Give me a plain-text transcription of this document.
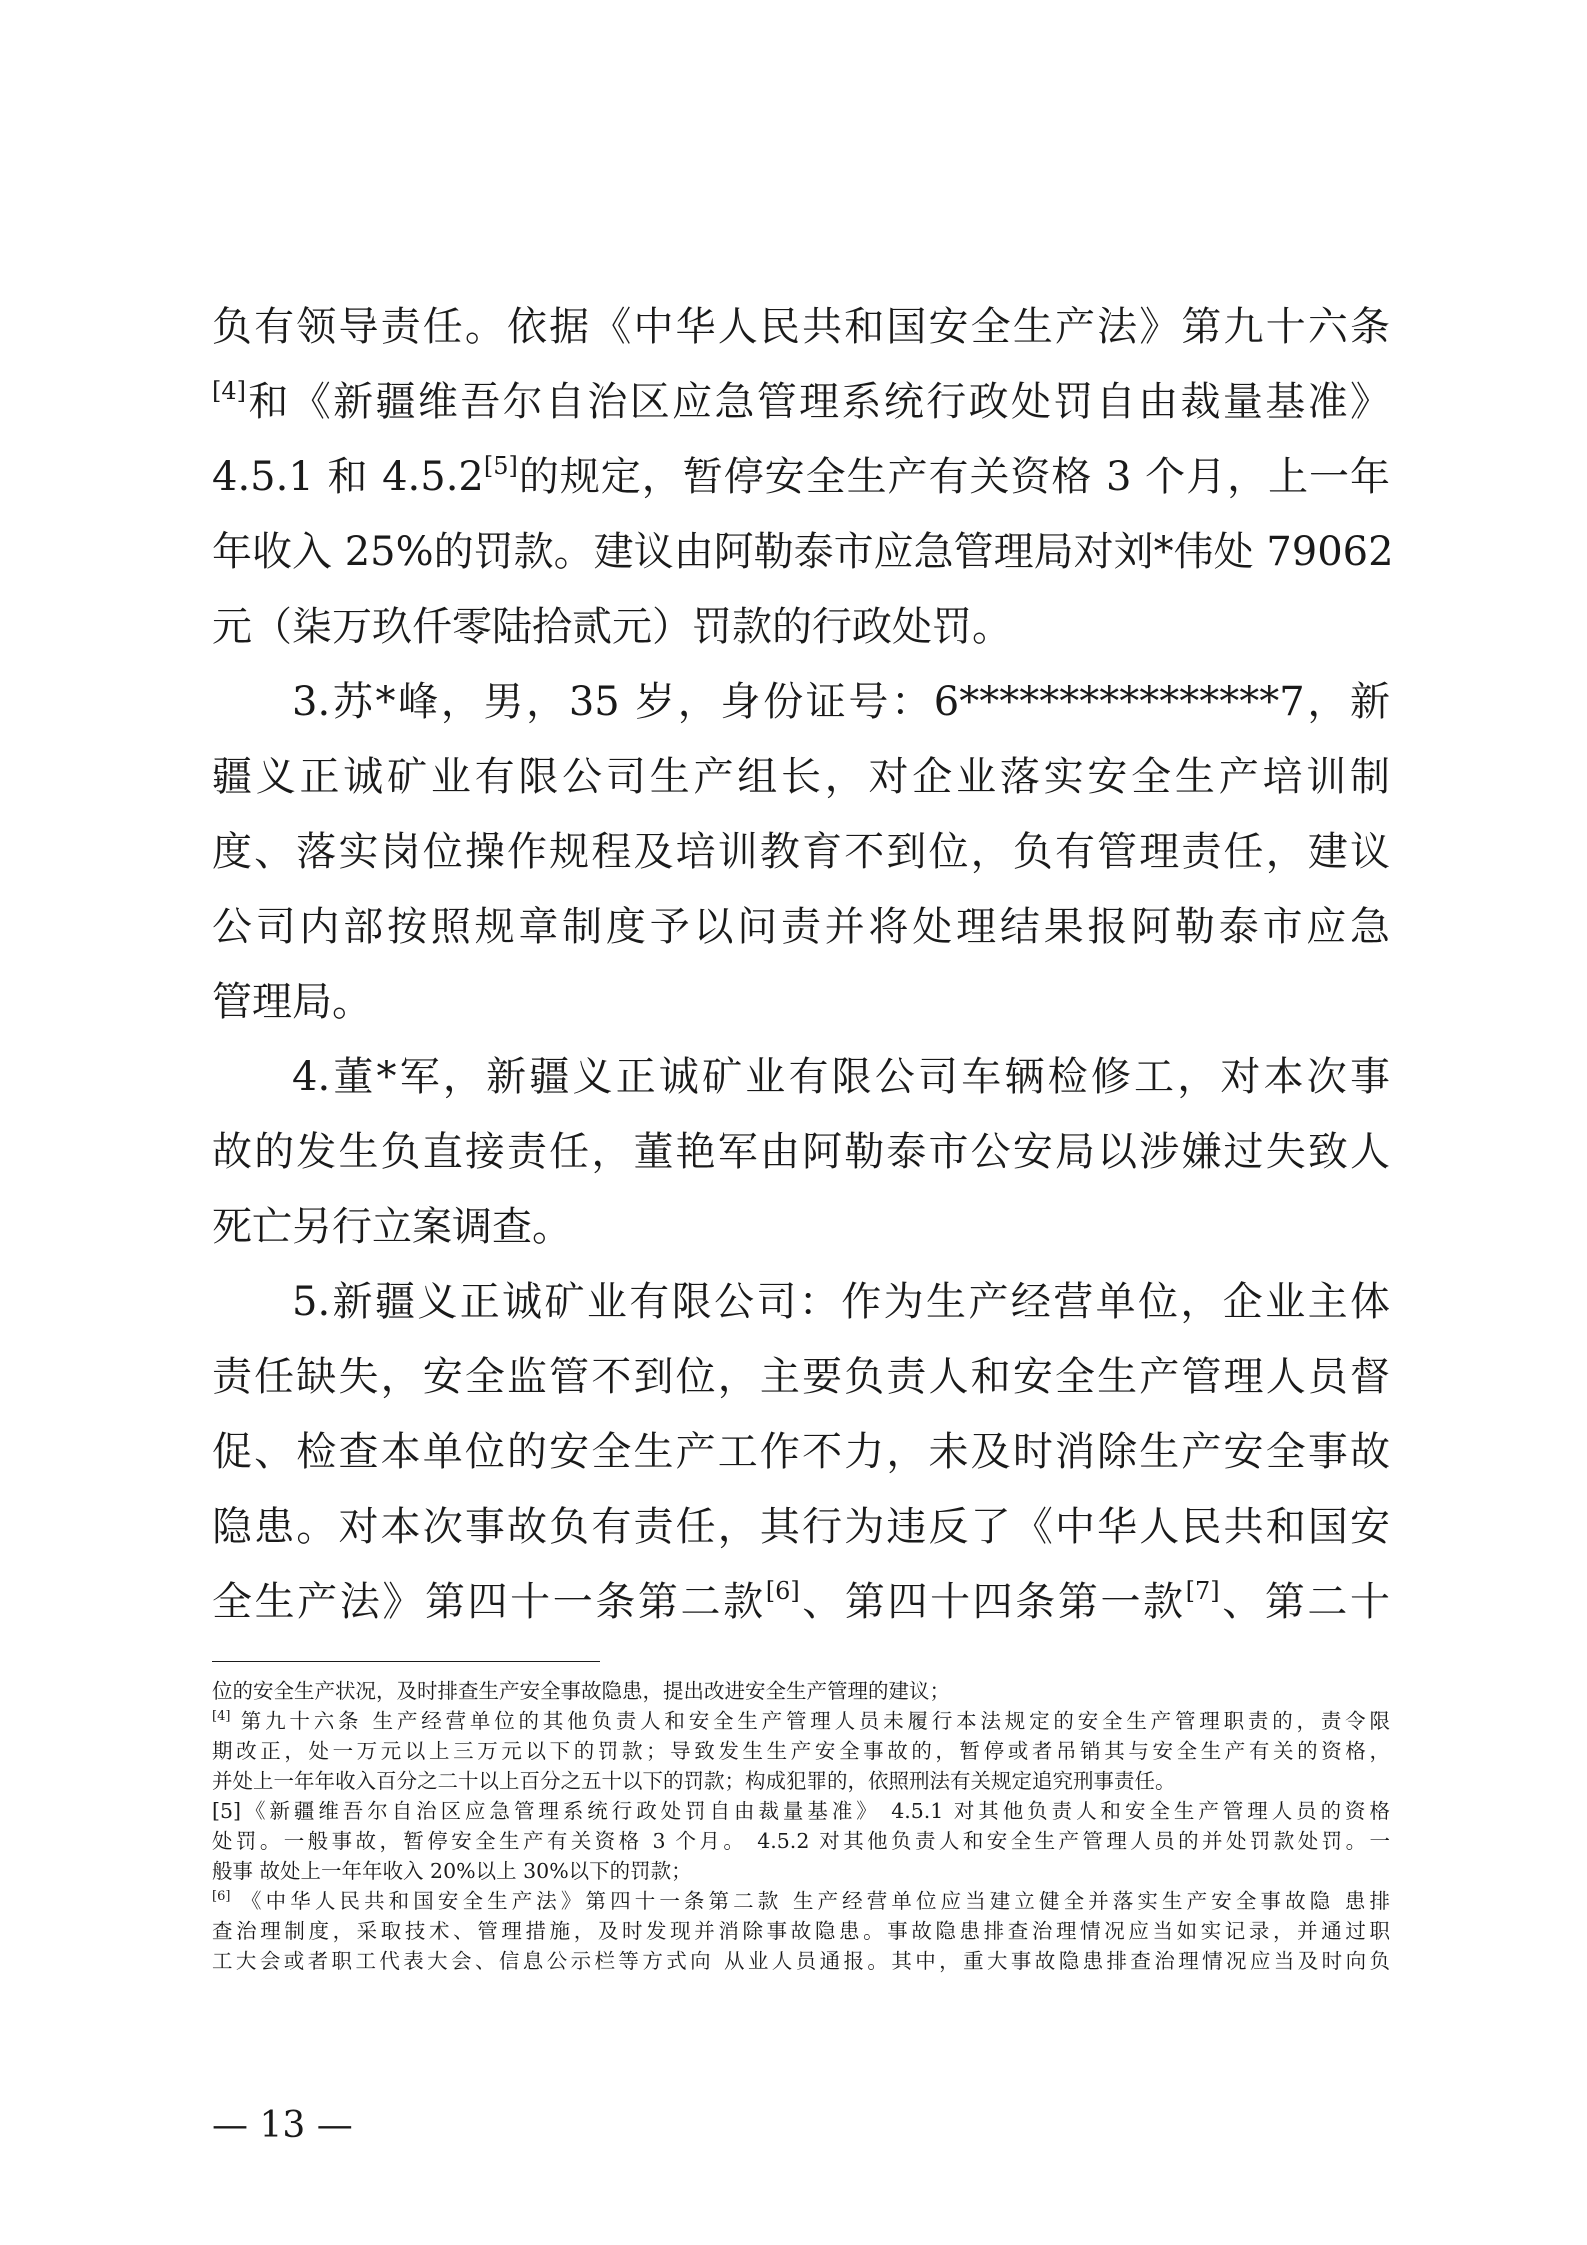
负有领导责任。依据《中华人民共和国安全生产法》第九十六条
[4]和《新疆维吾尔自治区应急管理系统行政处罚自由裁量基准》
4.5.1 和 4.5.2[5]的规定，暂停安全生产有关资格 3 个月，上一年
年收入 25%的罚款。建议由阿勒泰市应急管理局对刘*伟处 79062
元（柒万玖仟零陆拾贰元）罚款的行政处罚。
3.苏*峰，男，35 岁，身份证号：6****************7，新
疆义正诚矿业有限公司生产组长，对企业落实安全生产培训制
度、落实岗位操作规程及培训教育不到位，负有管理责任，建议
公司内部按照规章制度予以问责并将处理结果报阿勒泰市应急
管理局。
4.董*军，新疆义正诚矿业有限公司车辆检修工，对本次事
故的发生负直接责任，董艳军由阿勒泰市公安局以涉嫌过失致人
死亡另行立案调查。
5.新疆义正诚矿业有限公司：作为生产经营单位，企业主体
责任缺失，安全监管不到位，主要负责人和安全生产管理人员督
促、检查本单位的安全生产工作不力，未及时消除生产安全事故
隐患。对本次事故负有责任，其行为违反了《中华人民共和国安
全生产法》第四十一条第二款[6]、第四十四条第一款[7]、第二十
位的安全生产状况，及时排查生产安全事故隐患，提出改进安全生产管理的建议；
[4] 第九十六条 生产经营单位的其他负责人和安全生产管理人员未履行本法规定的安全生产管理职责的，责令限
期改正，处一万元以上三万元以下的罚款；导致发生生产安全事故的，暂停或者吊销其与安全生产有关的资格，
并处上一年年收入百分之二十以上百分之五十以下的罚款；构成犯罪的，依照刑法有关规定追究刑事责任。
[5]《新疆维吾尔自治区应急管理系统行政处罚自由裁量基准》 4.5.1 对其他负责人和安全生产管理人员的资格
处罚。一般事故，暂停安全生产有关资格 3 个月。 4.5.2 对其他负责人和安全生产管理人员的并处罚款处罚。一
般事 故处上一年年收入 20%以上 30%以下的罚款；
[6] 《中华人民共和国安全生产法》第四十一条第二款 生产经营单位应当建立健全并落实生产安全事故隐 患排
查治理制度，采取技术、管理措施，及时发现并消除事故隐患。事故隐患排查治理情况应当如实记录，并通过职
工大会或者职工代表大会、信息公示栏等方式向 从业人员通报。其中，重大事故隐患排查治理情况应当及时向负
— 13 —
